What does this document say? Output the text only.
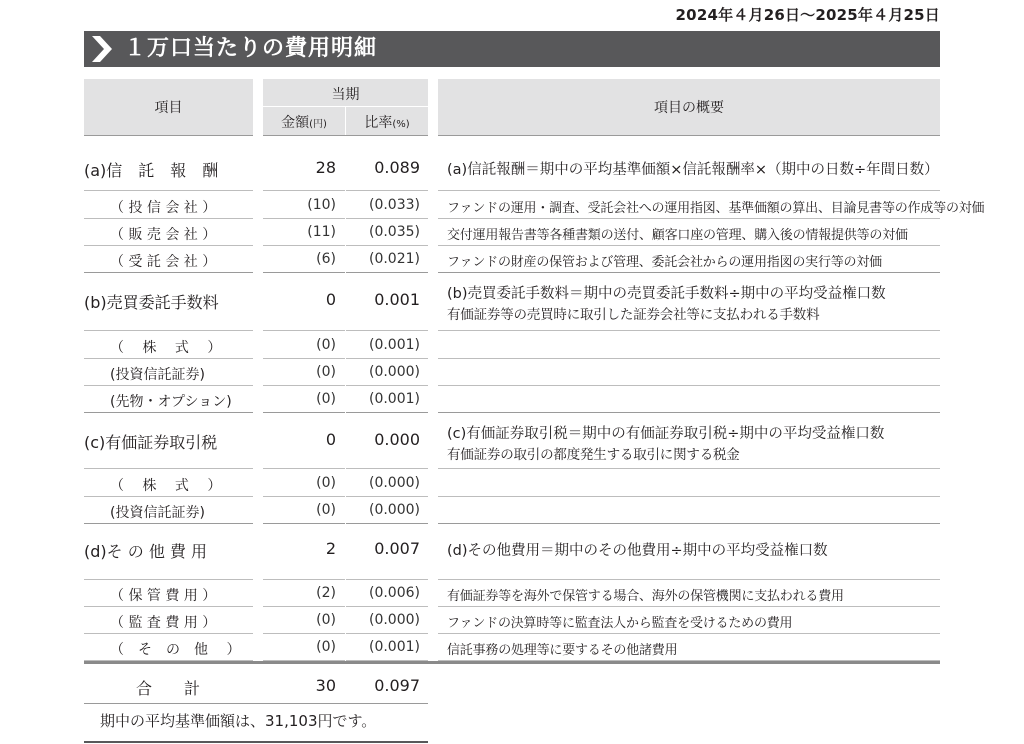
2024年４月26日～2025年４月25日
１万口当たりの費用明細
項目
当期
金額(円)	比率(%)
項目の概要
(a)信　託　報　酬	28	0.089 (a)信託報酬＝期中の平均基準価額×信託報酬率×（期中の日数÷年間日数）
（ 投 信 会 社 ）	(10)	(0.033) ファンドの運用・調査、受託会社への運用指図、基準価額の算出、目論見書等の作成等の対価
（ 販 売 会 社 ）	(11)	(0.035) 交付運用報告書等各種書類の送付、顧客口座の管理、購入後の情報提供等の対価
（ 受 託 会 社 ）	(6)	(0.021) ファンドの財産の保管および管理、委託会社からの運用指図の実行等の対価
(b)売買委託手数料	0	0.001 (b)売買委託手数料＝期中の売買委託手数料÷期中の平均受益権口数
有価証券等の売買時に取引した証券会社等に支払われる手数料
（　 株　 式 　）	(0)	(0.001)
(投資信託証券)	(0)	(0.000)
(先物・オプション)	(0)	(0.001)
(c)有価証券取引税	0	0.000 (c)有価証券取引税＝期中の有価証券取引税÷期中の平均受益権口数
有価証券の取引の都度発生する取引に関する税金
（　 株　 式 　）	(0)	(0.000)
(投資信託証券)	(0)	(0.000)
(d)そ の 他 費 用	2	0.007 (d)その他費用＝期中のその他費用÷期中の平均受益権口数
（ 保 管 費 用 ）	(2)	(0.006) 有価証券等を海外で保管する場合、海外の保管機関に支払われる費用
（ 監 査 費 用 ）	(0)	(0.000) ファンドの決算時等に監査法人から監査を受けるための費用
（　そ　の　他 　）	(0)	(0.001) 信託事務の処理等に要するその他諸費用
合　　計	30	0.097
期中の平均基準価額は、31,103円です。
